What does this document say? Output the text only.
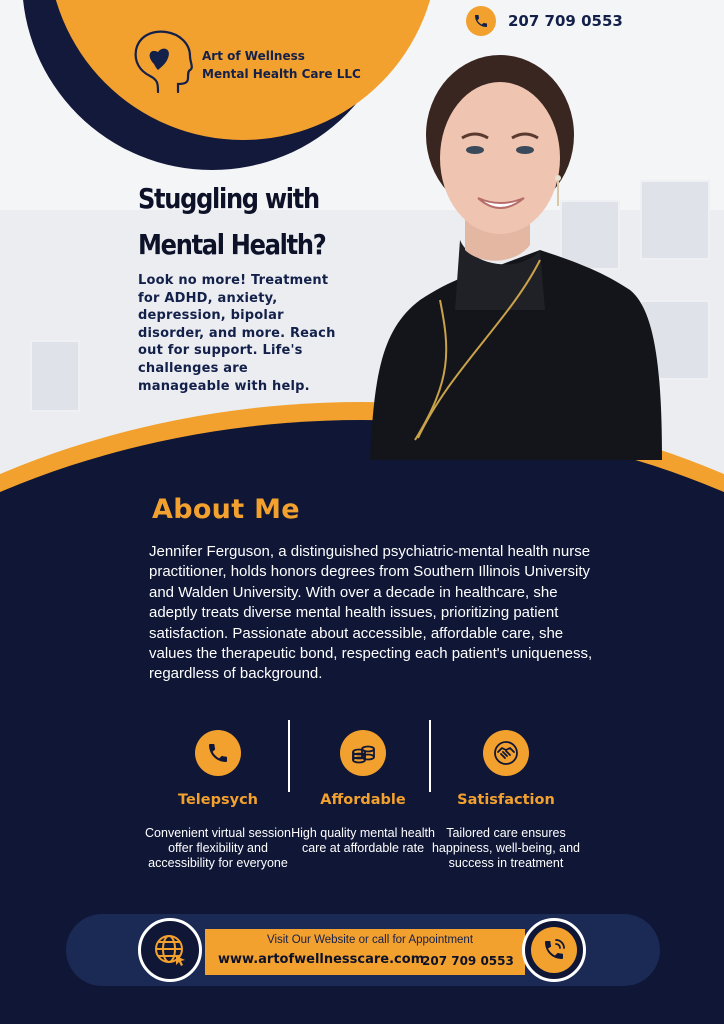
Art of Wellness
Mental Health Care LLC
207 709 0553
Stuggling with
Mental Health?
Look no more! Treatment for ADHD, anxiety, depression, bipolar disorder, and more. Reach out for support. Life's challenges are manageable with help.
About Me
Jennifer Ferguson, a distinguished psychiatric-mental health nurse practitioner, holds honors degrees from Southern Illinois University and Walden University. With over a decade in healthcare, she adeptly treats diverse mental health issues, prioritizing patient satisfaction. Passionate about accessible, affordable care, she values the therapeutic bond, respecting each patient's uniqueness, regardless of background.
Telepsych
Convenient virtual session offer flexibility and accessibility for everyone
Affordable
High quality mental health care at affordable rate
Satisfaction
Tailored care ensures happiness, well-being, and success in treatment
Visit Our Website or call for Appointment
www.artofwellnesscare.com
207 709 0553
